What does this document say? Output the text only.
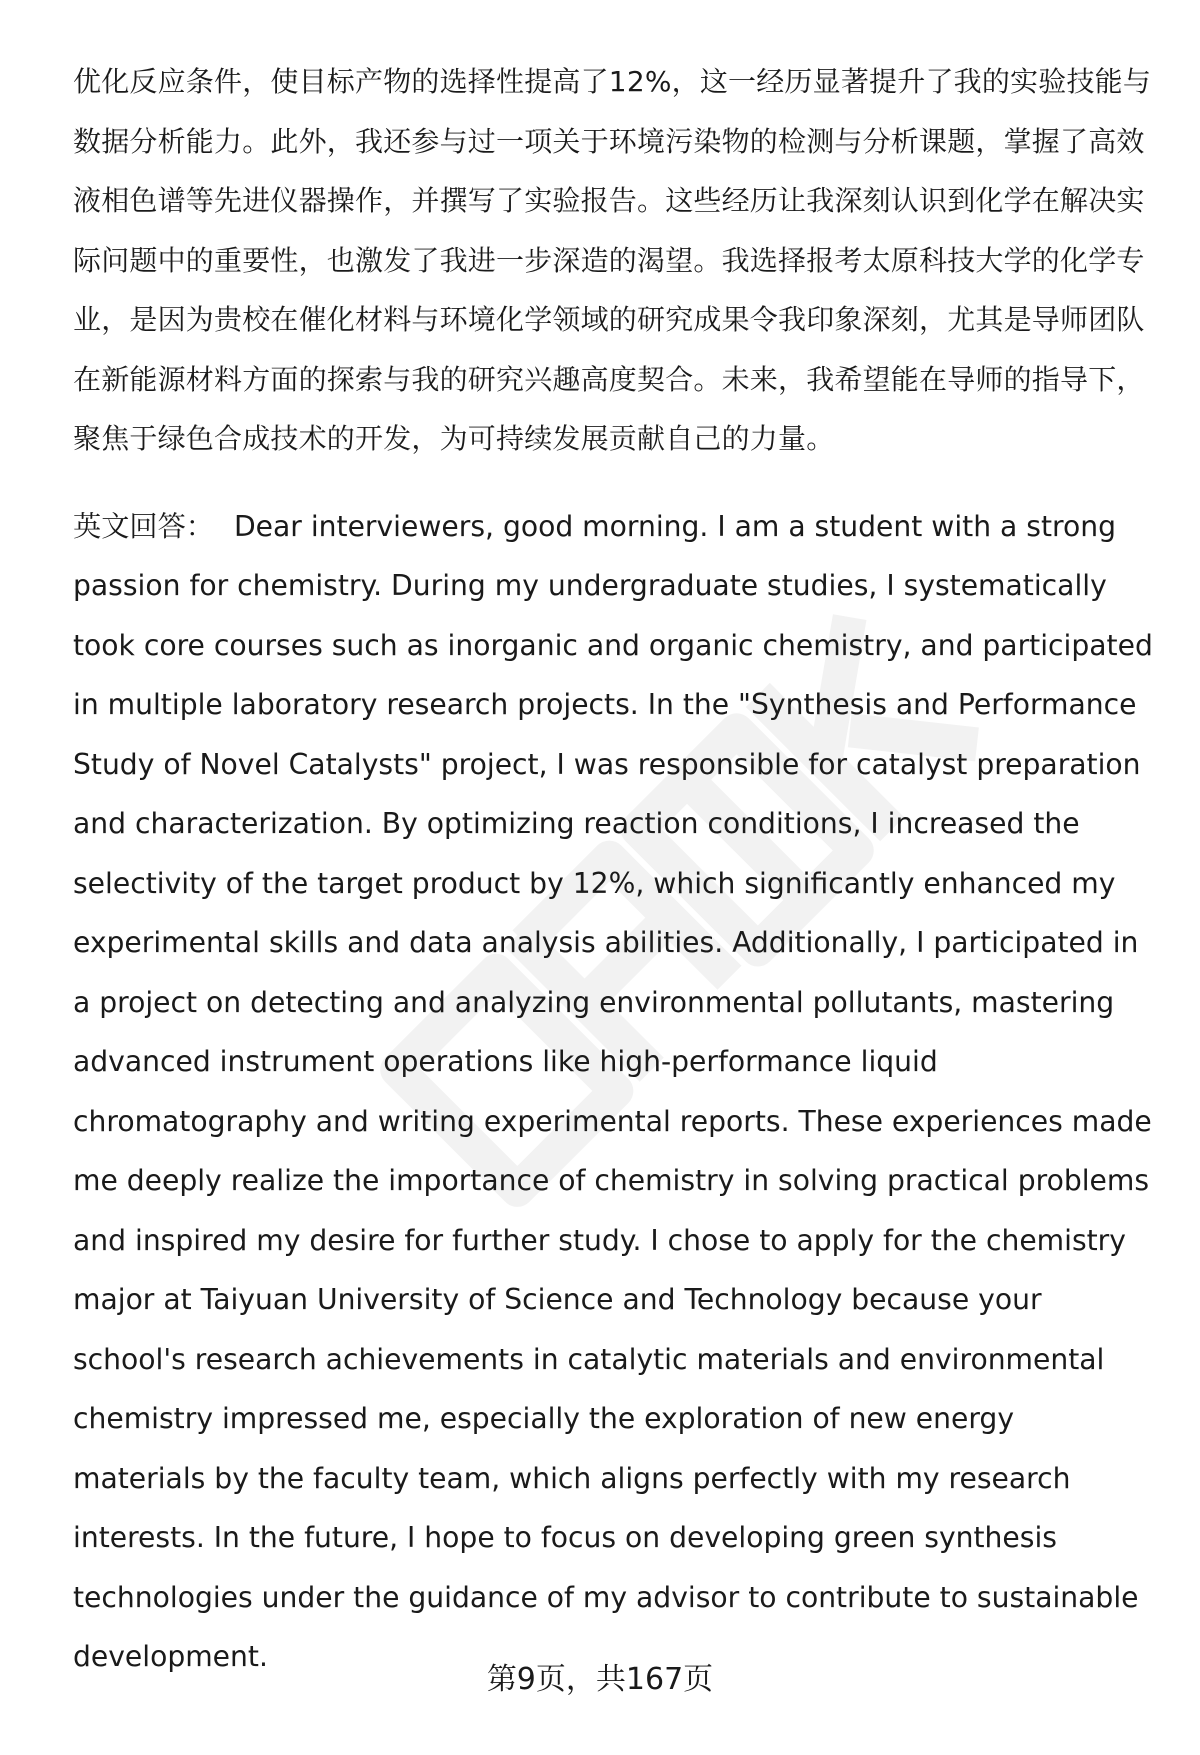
优化反应条件，使目标产物的选择性提高了12%，这一经历显著提升了我的实验技能与数据分析能力。此外，我还参与过一项关于环境污染物的检测与分析课题，掌握了高效液相色谱等先进仪器操作，并撰写了实验报告。这些经历让我深刻认识到化学在解决实际问题中的重要性，也激发了我进一步深造的渴望。我选择报考太原科技大学的化学专业，是因为贵校在催化材料与环境化学领域的研究成果令我印象深刻，尤其是导师团队在新能源材料方面的探索与我的研究兴趣高度契合。未来，我希望能在导师的指导下，聚焦于绿色合成技术的开发，为可持续发展贡献自己的力量。

英文回答： Dear interviewers, good morning. I am a student with a strong passion for chemistry. During my undergraduate studies, I systematically took core courses such as inorganic and organic chemistry, and participated in multiple laboratory research projects. In the "Synthesis and Performance Study of Novel Catalysts" project, I was responsible for catalyst preparation and characterization. By optimizing reaction conditions, I increased the selectivity of the target product by 12%, which significantly enhanced my experimental skills and data analysis abilities. Additionally, I participated in a project on detecting and analyzing environmental pollutants, mastering advanced instrument operations like high-performance liquid chromatography and writing experimental reports. These experiences made me deeply realize the importance of chemistry in solving practical problems and inspired my desire for further study. I chose to apply for the chemistry major at Taiyuan University of Science and Technology because your school's research achievements in catalytic materials and environmental chemistry impressed me, especially the exploration of new energy materials by the faculty team, which aligns perfectly with my research interests. In the future, I hope to focus on developing green synthesis technologies under the guidance of my advisor to contribute to sustainable development.

第9页，共167页
